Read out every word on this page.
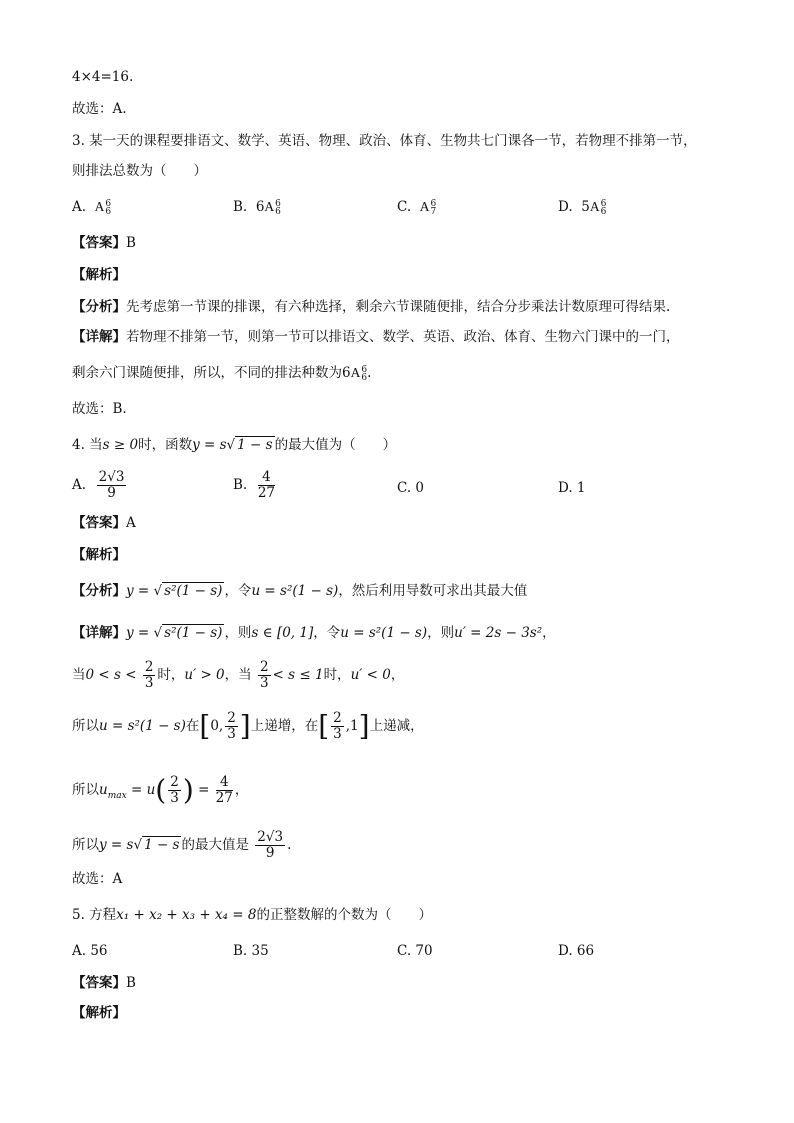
4×4=16.
故选：A.
3. 某一天的课程要排语文、数学、英语、物理、政治、体育、生物共七门课各一节，若物理不排第一节，
则排法总数为（　　）
A. A 6
6	B. 6A 6
6	C. A 6
7	D. 5A 6
6
【答案】B
【解析】
【分析】先考虑第一节课的排课，有六种选择，剩余六节课随便排，结合分步乘法计数原理可得结果.
【详解】若物理不排第一节，则第一节可以排语文、数学、英语、政治、体育、生物六门课中的一门，
剩余六门课随便排，所以，不同的排法种数为6A 6
6 .
故选：B.
4. 当s ≥ 0时，函数y = s√ 1 − s 的最大值为（　　）
A. $\frac{2√3}{9}$	B. $\frac{4}{27}$	C. 0	D. 1
【答案】A
【解析】
【分析】y = √ s²(1 − s) ，令u = s²(1 − s)，然后利用导数可求出其最大值
【详解】y = √ s²(1 − s) ，则s ∈ [0, 1]，令u = s²(1 − s)，则u′ = 2s − 3s²，
当$0 < s < \frac{2}{3}$ 时，u′ > 0，当 $\frac{2}{3} < s \le 1$时，u′ < 0，
所以u = s²(1 − s)在[0, $\frac{2}{3}$ ]上递增，在[ $\frac{2}{3} ,1$]上递减，
所以$u_{max} = u( \frac{2}{3}$ ) = $\frac{4}{27}$ ，
所以y = s√ 1 − s 的最大值是 $\frac{2√3}{9}$ .
故选：A
5. 方程x₁ + x₂ + x₃ + x₄ = 8的正整数解的个数为（　　）
A. 56	B. 35	C. 70	D. 66
【答案】B
【解析】
